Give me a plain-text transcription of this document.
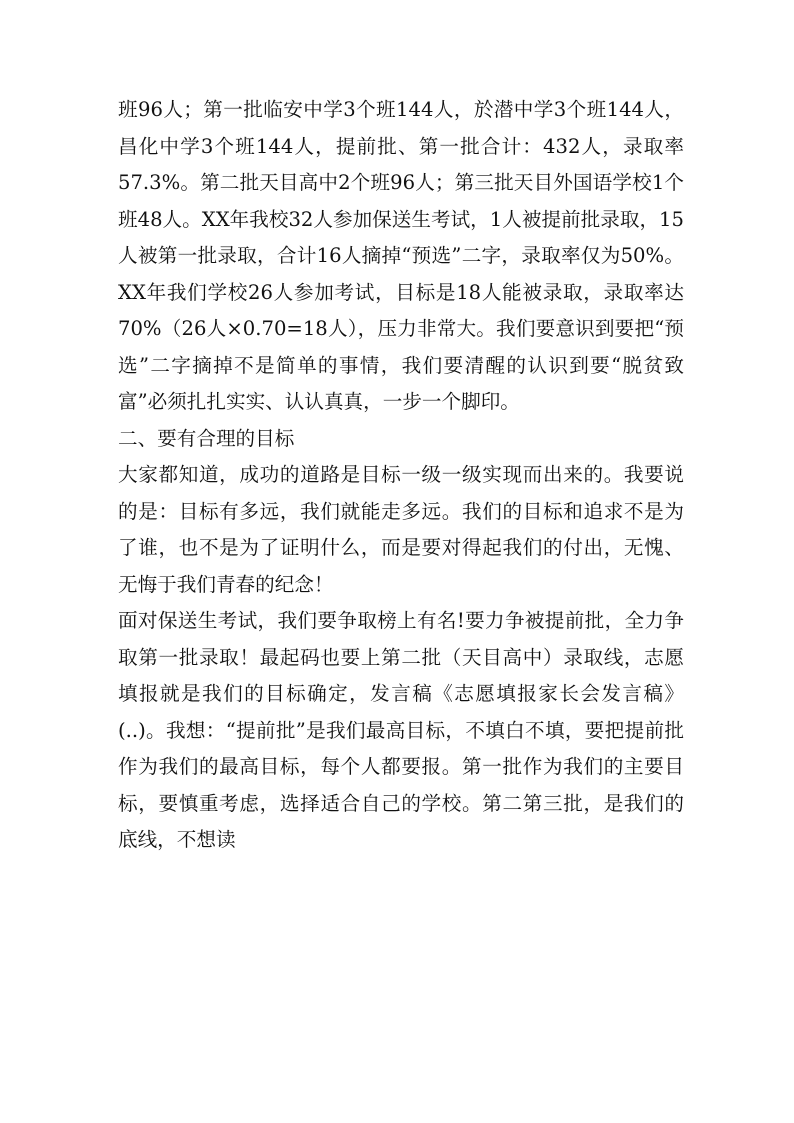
班96人；第一批临安中学3个班144人，於潜中学3个班144人，昌化中学3个班144人，提前批、第一批合计：432人，录取率57.3%。第二批天目高中2个班96人；第三批天目外国语学校1个班48人。XX年我校32人参加保送生考试，1人被提前批录取，15人被第一批录取，合计16人摘掉“预选”二字，录取率仅为50%。XX年我们学校26人参加考试，目标是18人能被录取，录取率达70%（26人×0.70=18人），压力非常大。我们要意识到要把“预选”二字摘掉不是简单的事情，我们要清醒的认识到要“脱贫致富”必须扎扎实实、认认真真，一步一个脚印。

二、要有合理的目标

大家都知道，成功的道路是目标一级一级实现而出来的。我要说的是：目标有多远，我们就能走多远。我们的目标和追求不是为了谁，也不是为了证明什么，而是要对得起我们的付出，无愧、无悔于我们青春的纪念！

面对保送生考试，我们要争取榜上有名!要力争被提前批，全力争取第一批录取！最起码也要上第二批（天目高中）录取线，志愿填报就是我们的目标确定，发言稿《志愿填报家长会发言稿》(..)。我想：“提前批”是我们最高目标，不填白不填，要把提前批作为我们的最高目标，每个人都要报。第一批作为我们的主要目标，要慎重考虑，选择适合自己的学校。第二第三批，是我们的底线，不想读
